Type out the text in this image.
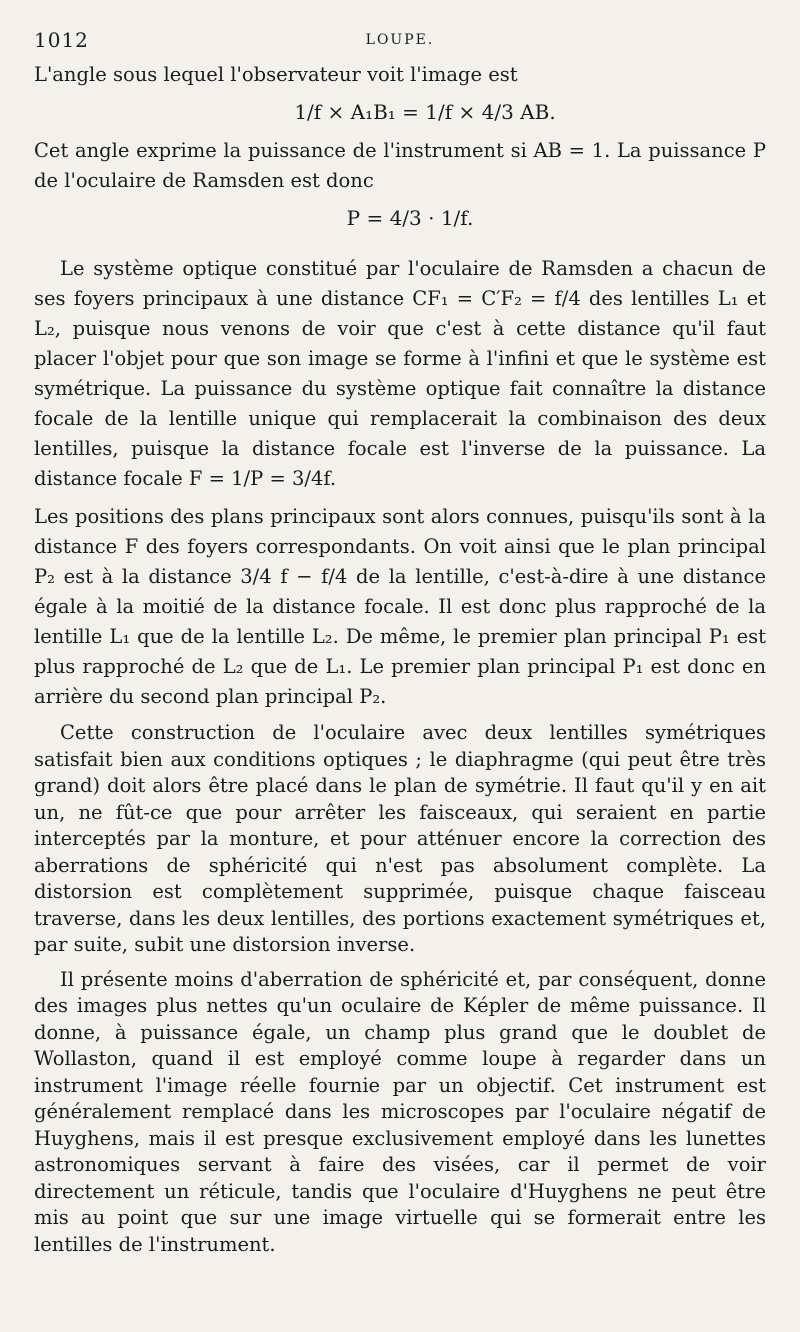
1012	LOUPE.

L'angle sous lequel l'observateur voit l'image est

1/f × A₁B₁ = 1/f × 4/3 AB.

Cet angle exprime la puissance de l'instrument si AB = 1. La puissance P de l'oculaire de Ramsden est donc

P = 4/3 · 1/f.

Le système optique constitué par l'oculaire de Ramsden a chacun de ses foyers principaux à une distance CF₁ = C′F₂ = f/4 des lentilles L₁ et L₂, puisque nous venons de voir que c'est à cette distance qu'il faut placer l'objet pour que son image se forme à l'infini et que le système est symétrique. La puissance du système optique fait connaître la distance focale de la lentille unique qui remplacerait la combinaison des deux lentilles, puisque la distance focale est l'inverse de la puissance. La distance focale F = 1/P = 3/4f.

Les positions des plans principaux sont alors connues, puisqu'ils sont à la distance F des foyers correspondants. On voit ainsi que le plan principal P₂ est à la distance 3/4 f − f/4 de la lentille, c'est-à-dire à une distance égale à la moitié de la distance focale. Il est donc plus rapproché de la lentille L₁ que de la lentille L₂. De même, le premier plan principal P₁ est plus rapproché de L₂ que de L₁. Le premier plan principal P₁ est donc en arrière du second plan principal P₂.

Cette construction de l'oculaire avec deux lentilles symétriques satisfait bien aux conditions optiques ; le diaphragme (qui peut être très grand) doit alors être placé dans le plan de symétrie. Il faut qu'il y en ait un, ne fût-ce que pour arrêter les faisceaux, qui seraient en partie interceptés par la monture, et pour atténuer encore la correction des aberrations de sphéricité qui n'est pas absolument complète. La distorsion est complètement supprimée, puisque chaque faisceau traverse, dans les deux lentilles, des portions exactement symétriques et, par suite, subit une distorsion inverse.

Il présente moins d'aberration de sphéricité et, par conséquent, donne des images plus nettes qu'un oculaire de Képler de même puissance. Il donne, à puissance égale, un champ plus grand que le doublet de Wollaston, quand il est employé comme loupe à regarder dans un instrument l'image réelle fournie par un objectif. Cet instrument est généralement remplacé dans les microscopes par l'oculaire négatif de Huyghens, mais il est presque exclusivement employé dans les lunettes astronomiques servant à faire des visées, car il permet de voir directement un réticule, tandis que l'oculaire d'Huyghens ne peut être mis au point que sur une image virtuelle qui se formerait entre les lentilles de l'instrument.
